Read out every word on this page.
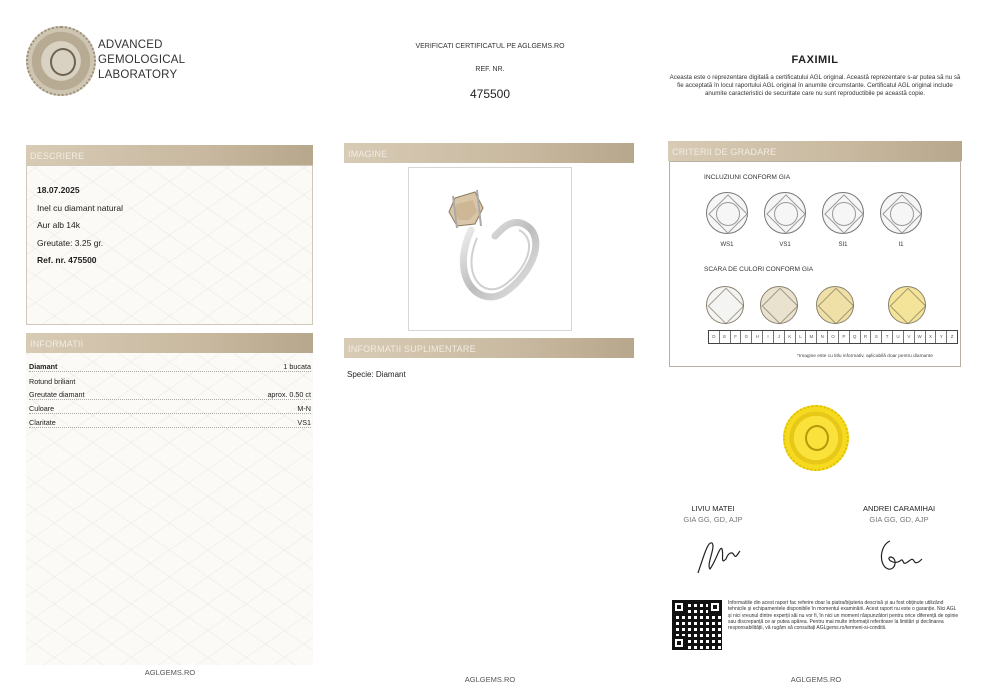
ADVANCED
GEMOLOGICAL
LABORATORY
VERIFICATI CERTIFICATUL PE AGLGEMS.RO
REF. NR.
475500
FAXIMIL
Aceasta este o reprezentare digitală a certificatului AGL original. Această reprezentare s-ar putea să nu să fie acceptată în locul raportului AGL original în anumite circumstante. Certificatul AGL original include anumite caracteristici de securitate care nu sunt reproductibile pe această copie.
DESCRIERE
18.07.2025
Inel cu diamant natural
Aur alb 14k
Greutate: 3.25 gr.
Ref. nr. 475500
INFORMATII
Diamant	1 bucata
Rotund briliant
Greutate diamant	aprox. 0.50 ct
Culoare	M-N
Claritate	VS1
AGLGEMS.RO
IMAGINE
INFORMATII SUPLIMENTARE
Specie: Diamant
AGLGEMS.RO
CRITERII DE GRADARE
INCLUZIUNI CONFORM GIA
WS1	VS1	SI1	I1
SCARA DE CULORI CONFORM GIA
D	E	F	G	H	I	J	K	L	M	N	O	P	Q	R	S	T	U	V	W	X	Y	Z
*Imagine este cu titlu informativ, aplicabilă doar pentru diamante
LIVIU MATEI
GIA GG, GD, AJP
ANDREI CARAMIHAI
GIA GG, GD, AJP
Informatiile din acest raport fac referire doar la piatra/bijuteria descrisă și au fost obținute utilizând tehnicile și echipamentele disponibile în momentul examinării. Acest raport nu este o garanție. Nici AGL și nici vreunul dintre experții săi nu vor fi, în nici un moment răspunzători pentru orice diferență de opinie sau discrepanță ce ar putea apărea. Pentru mai multe informații referitoare la limitări și declinarea responsabilității, vă rugăm să consultați AGLgems.ro/termeni-si-conditii.
AGLGEMS.RO
